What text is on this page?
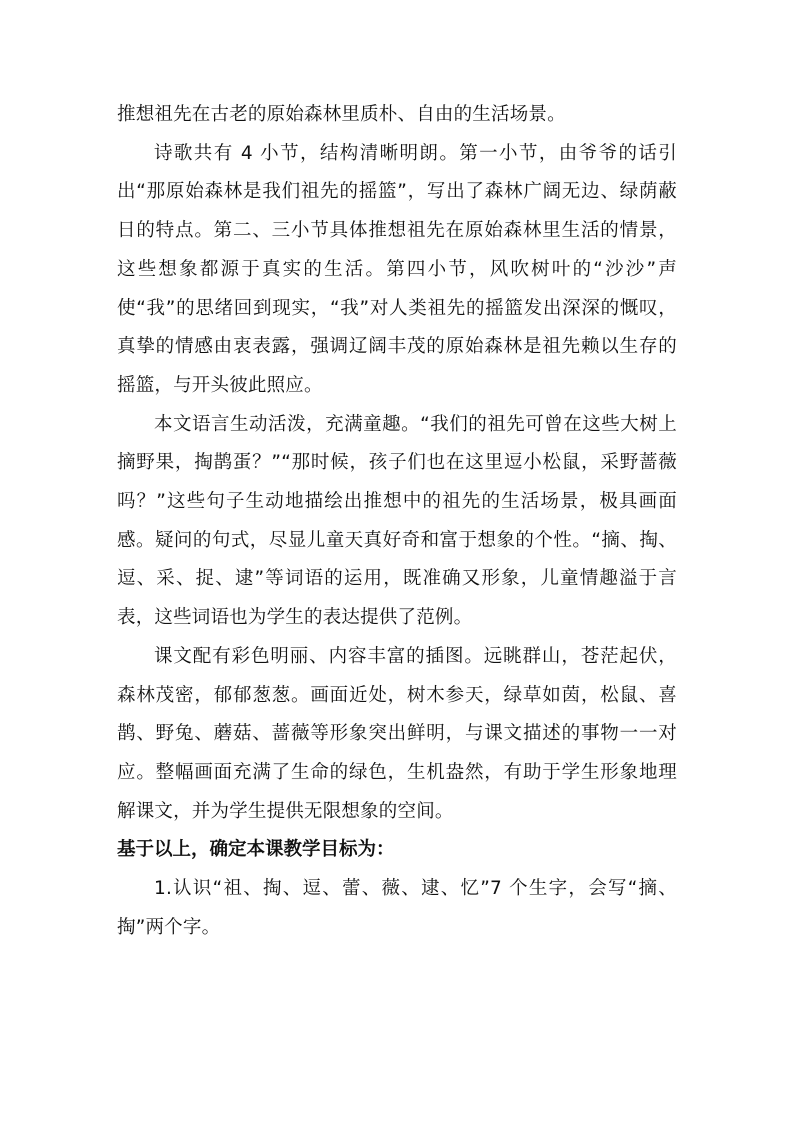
推想祖先在古老的原始森林里质朴、自由的生活场景。

诗歌共有 4 小节，结构清晰明朗。第一小节，由爷爷的话引出“那原始森林是我们祖先的摇篮”，写出了森林广阔无边、绿荫蔽日的特点。第二、三小节具体推想祖先在原始森林里生活的情景，这些想象都源于真实的生活。第四小节，风吹树叶的“沙沙”声使“我”的思绪回到现实，“我”对人类祖先的摇篮发出深深的慨叹，真挚的情感由衷表露，强调辽阔丰茂的原始森林是祖先赖以生存的摇篮，与开头彼此照应。

本文语言生动活泼，充满童趣。“我们的祖先可曾在这些大树上摘野果，掏鹊蛋？”“那时候，孩子们也在这里逗小松鼠，采野蔷薇吗？”这些句子生动地描绘出推想中的祖先的生活场景，极具画面感。疑问的句式，尽显儿童天真好奇和富于想象的个性。“摘、掏、逗、采、捉、逮”等词语的运用，既准确又形象，儿童情趣溢于言表，这些词语也为学生的表达提供了范例。

课文配有彩色明丽、内容丰富的插图。远眺群山，苍茫起伏，森林茂密，郁郁葱葱。画面近处，树木参天，绿草如茵，松鼠、喜鹊、野兔、蘑菇、蔷薇等形象突出鲜明，与课文描述的事物一一对应。整幅画面充满了生命的绿色，生机盎然，有助于学生形象地理解课文，并为学生提供无限想象的空间。

基于以上，确定本课教学目标为：

1.认识“祖、掏、逗、蕾、薇、逮、忆”7 个生字，会写“摘、掏”两个字。
